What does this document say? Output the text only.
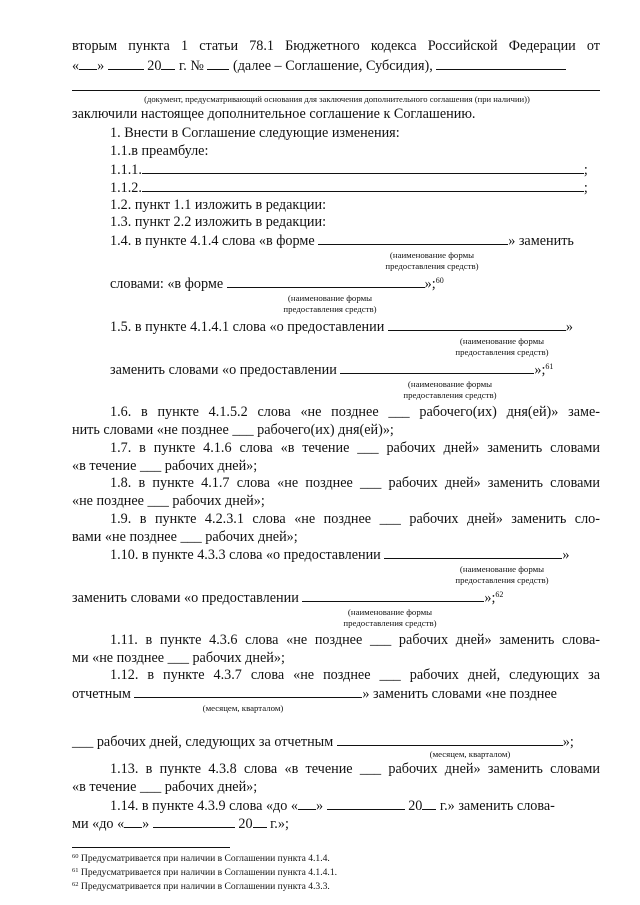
вторым пункта 1 статьи 78.1 Бюджетного кодекса Российской Федерации от
« »	20 г. № (далее – Соглашение, Субсидия),
(документ, предусматривающий основания для заключения дополнительного соглашения (при наличии))
заключили настоящее дополнительное соглашение к Соглашению.
1. Внести в Соглашение следующие изменения:
1.1.в преамбуле:
1.1.1.	;
1.1.2.	;
1.2. пункт 1.1 изложить в редакции:
1.3. пункт 2.2 изложить в редакции:
1.4. в пункте 4.1.4 слова «в форме	» заменить
(наименование формы
предоставления средств)
словами: «в форме	»;$^{60}$
(наименование формы
предоставления средств)
1.5. в пункте 4.1.4.1 слова «о предоставлении	»
(наименование формы
предоставления средств)
заменить словами «о предоставлении	»;$^{61}$
(наименование формы
предоставления средств)
1.6. в пункте 4.1.5.2 слова «не позднее ___ рабочего(их) дня(ей)» заме-
нить словами «не позднее ___ рабочего(их) дня(ей)»;
1.7. в пункте 4.1.6 слова «в течение ___ рабочих дней» заменить словами
«в течение ___ рабочих дней»;
1.8. в пункте 4.1.7 слова «не позднее ___ рабочих дней» заменить словами
«не позднее ___ рабочих дней»;
1.9. в пункте 4.2.3.1 слова «не позднее ___ рабочих дней» заменить сло-
вами «не позднее ___ рабочих дней»;
1.10. в пункте 4.3.3 слова «о предоставлении	»
(наименование формы
предоставления средств)
заменить словами «о предоставлении	»;$^{62}$
(наименование формы
предоставления средств)
1.11. в пункте 4.3.6 слова «не позднее ___ рабочих дней» заменить слова-
ми «не позднее ___ рабочих дней»;
1.12. в пункте 4.3.7 слова «не позднее ___ рабочих дней, следующих за
отчетным	» заменить словами «не позднее
(месяцем, кварталом)
___ рабочих дней, следующих за отчетным	»;
(месяцем, кварталом)
1.13. в пункте 4.3.8 слова «в течение ___ рабочих дней» заменить словами
«в течение ___ рабочих дней»;
1.14. в пункте 4.3.9 слова «до « »	20 г.» заменить слова-
ми «до « »	20 г.»;
$^{60}$ Предусматривается при наличии в Соглашении пункта 4.1.4.
$^{61}$ Предусматривается при наличии в Соглашении пункта 4.1.4.1.
$^{62}$ Предусматривается при наличии в Соглашении пункта 4.3.3.
